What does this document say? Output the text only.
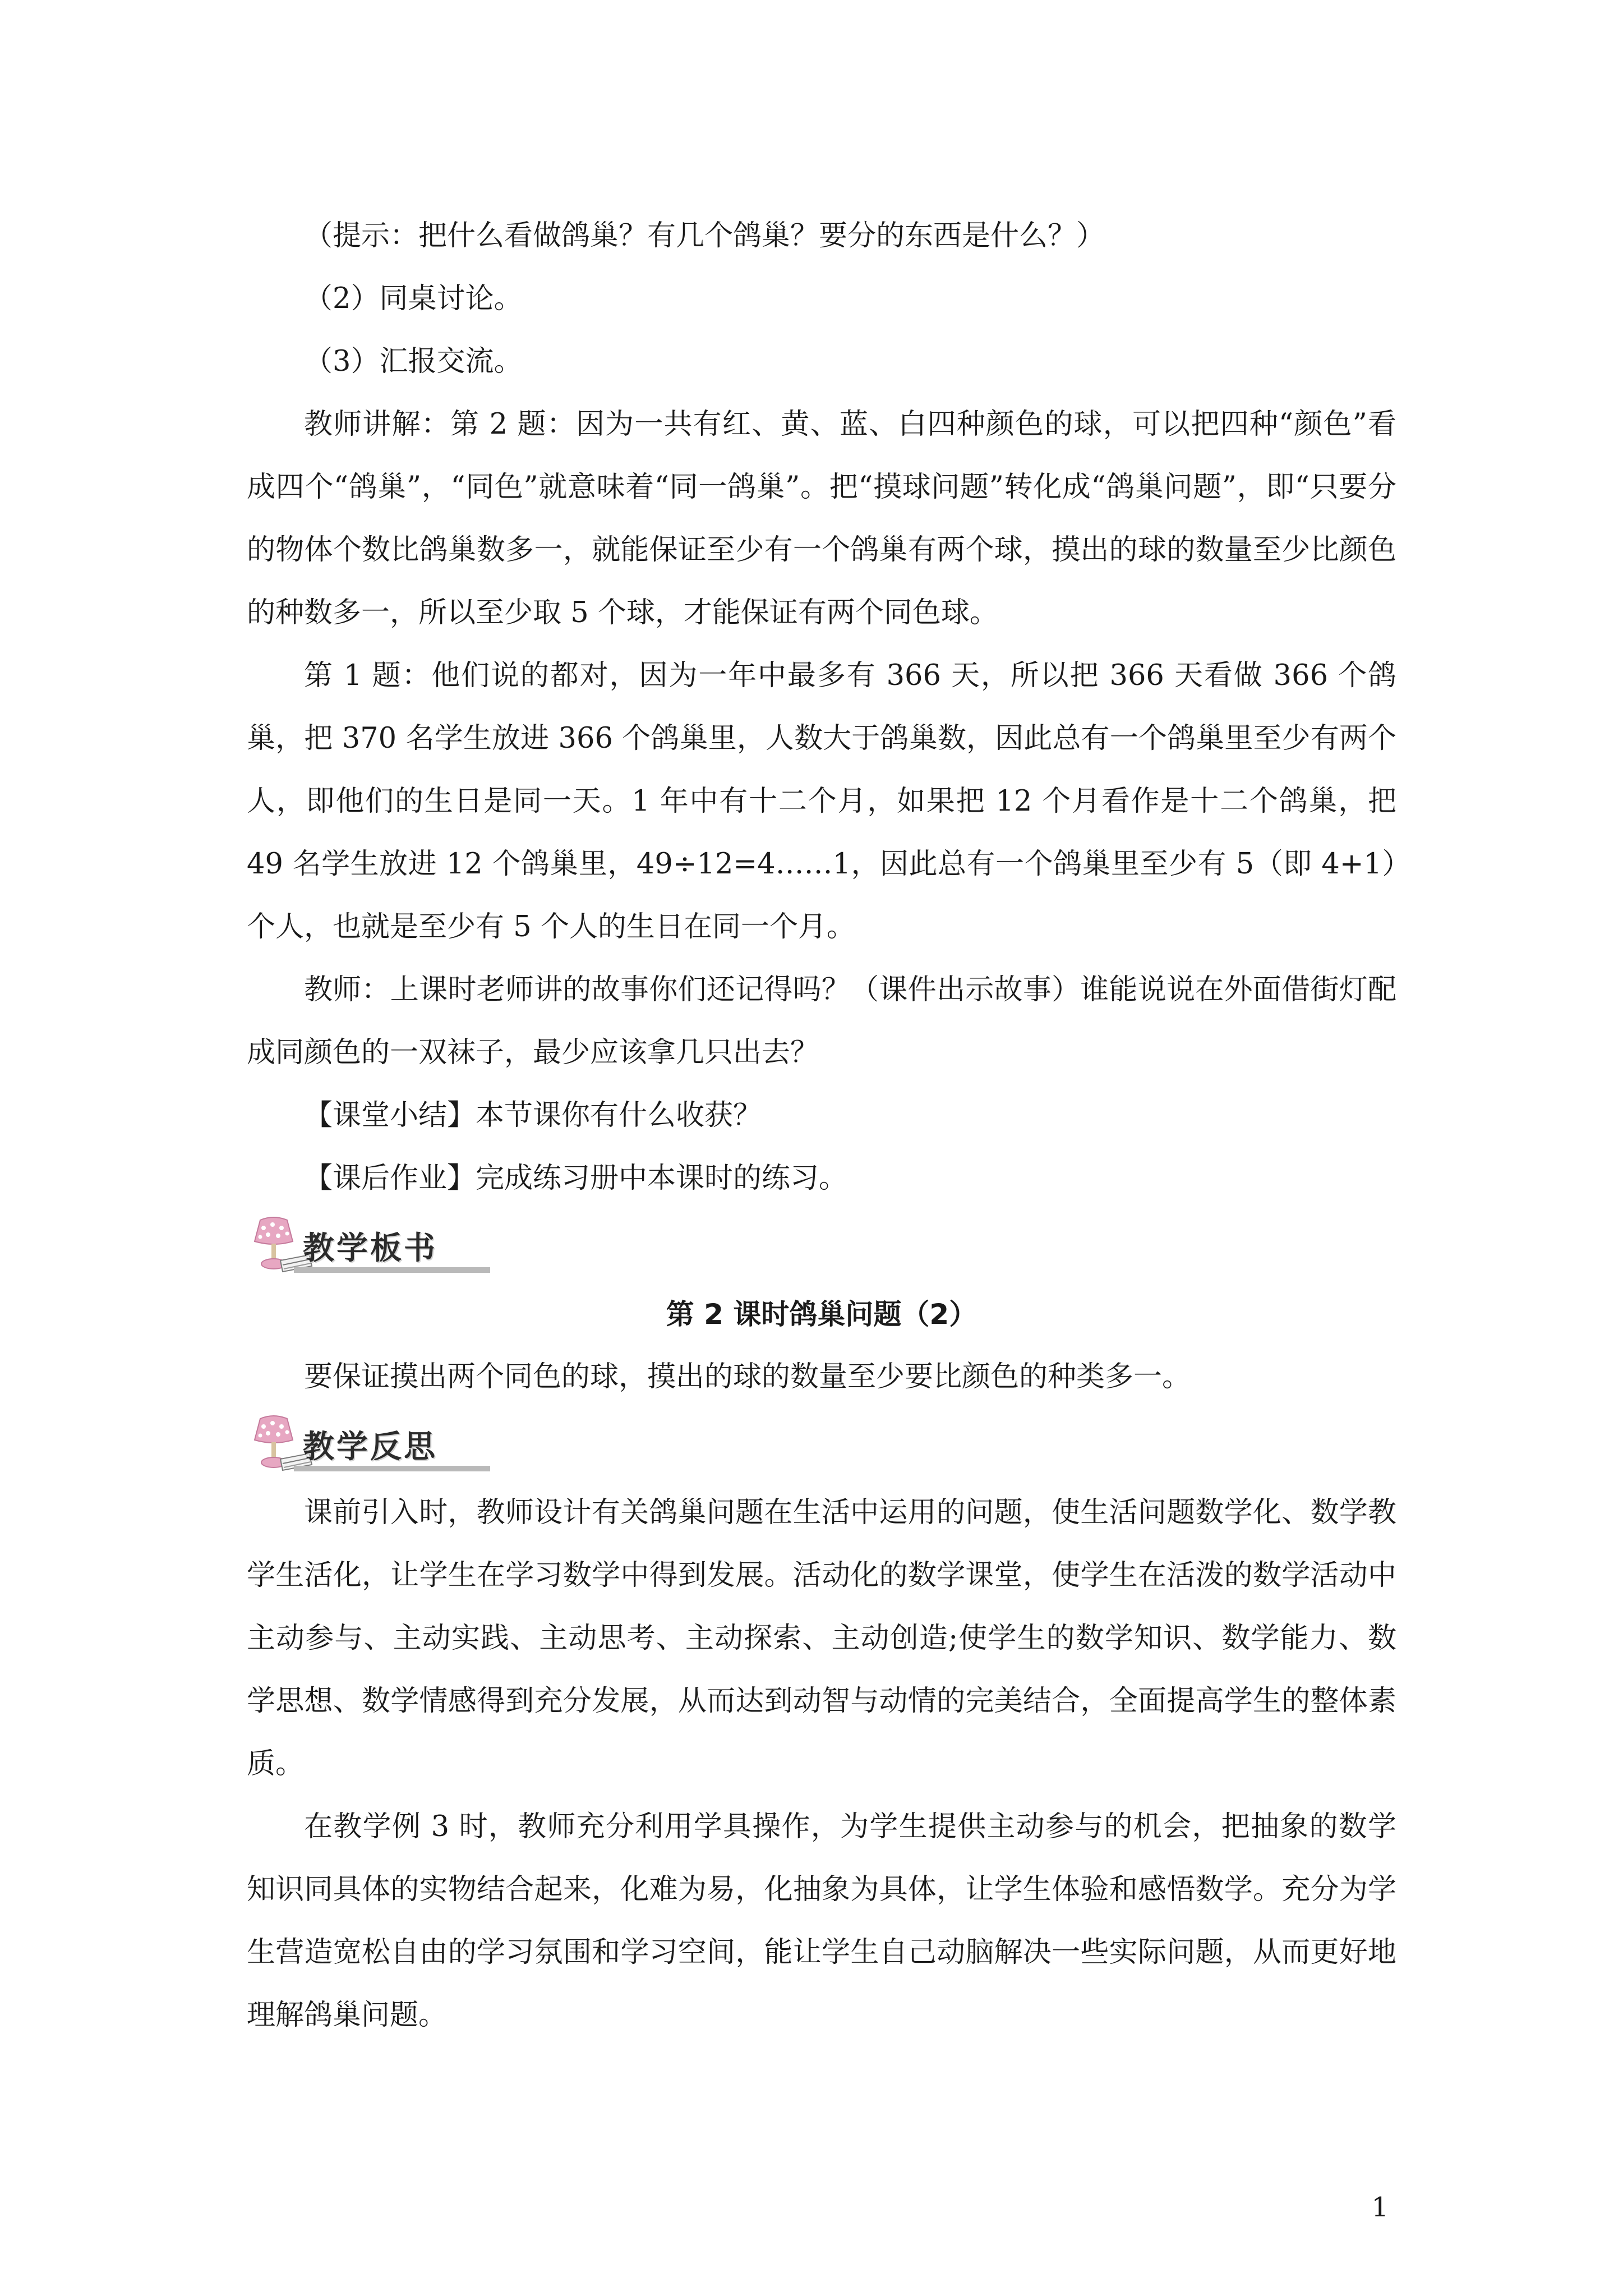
（提示：把什么看做鸽巢？有几个鸽巢？要分的东西是什么？）

（2）同桌讨论。

（3）汇报交流。

教师讲解：第 2 题：因为一共有红、黄、蓝、白四种颜色的球，可以把四种“颜色”看成四个“鸽巢”，“同色”就意味着“同一鸽巢”。把“摸球问题”转化成“鸽巢问题”，即“只要分的物体个数比鸽巢数多一，就能保证至少有一个鸽巢有两个球，摸出的球的数量至少比颜色的种数多一，所以至少取 5 个球，才能保证有两个同色球。

第 1 题：他们说的都对，因为一年中最多有 366 天，所以把 366 天看做 366 个鸽巢，把 370 名学生放进 366 个鸽巢里，人数大于鸽巢数，因此总有一个鸽巢里至少有两个人，即他们的生日是同一天。1 年中有十二个月，如果把 12 个月看作是十二个鸽巢，把 49 名学生放进 12 个鸽巢里，49÷12=4……1，因此总有一个鸽巢里至少有 5（即 4+1）个人，也就是至少有 5 个人的生日在同一个月。

教师：上课时老师讲的故事你们还记得吗？（课件出示故事）谁能说说在外面借街灯配成同颜色的一双袜子，最少应该拿几只出去？

【课堂小结】本节课你有什么收获？

【课后作业】完成练习册中本课时的练习。

教学板书

第 2 课时鸽巢问题（2）

要保证摸出两个同色的球，摸出的球的数量至少要比颜色的种类多一。

教学反思

课前引入时，教师设计有关鸽巢问题在生活中运用的问题，使生活问题数学化、数学教学生活化，让学生在学习数学中得到发展。活动化的数学课堂，使学生在活泼的数学活动中主动参与、主动实践、主动思考、主动探索、主动创造;使学生的数学知识、数学能力、数学思想、数学情感得到充分发展，从而达到动智与动情的完美结合，全面提高学生的整体素质。

在教学例 3 时，教师充分利用学具操作，为学生提供主动参与的机会，把抽象的数学知识同具体的实物结合起来，化难为易，化抽象为具体，让学生体验和感悟数学。充分为学生营造宽松自由的学习氛围和学习空间，能让学生自己动脑解决一些实际问题，从而更好地理解鸽巢问题。

1
